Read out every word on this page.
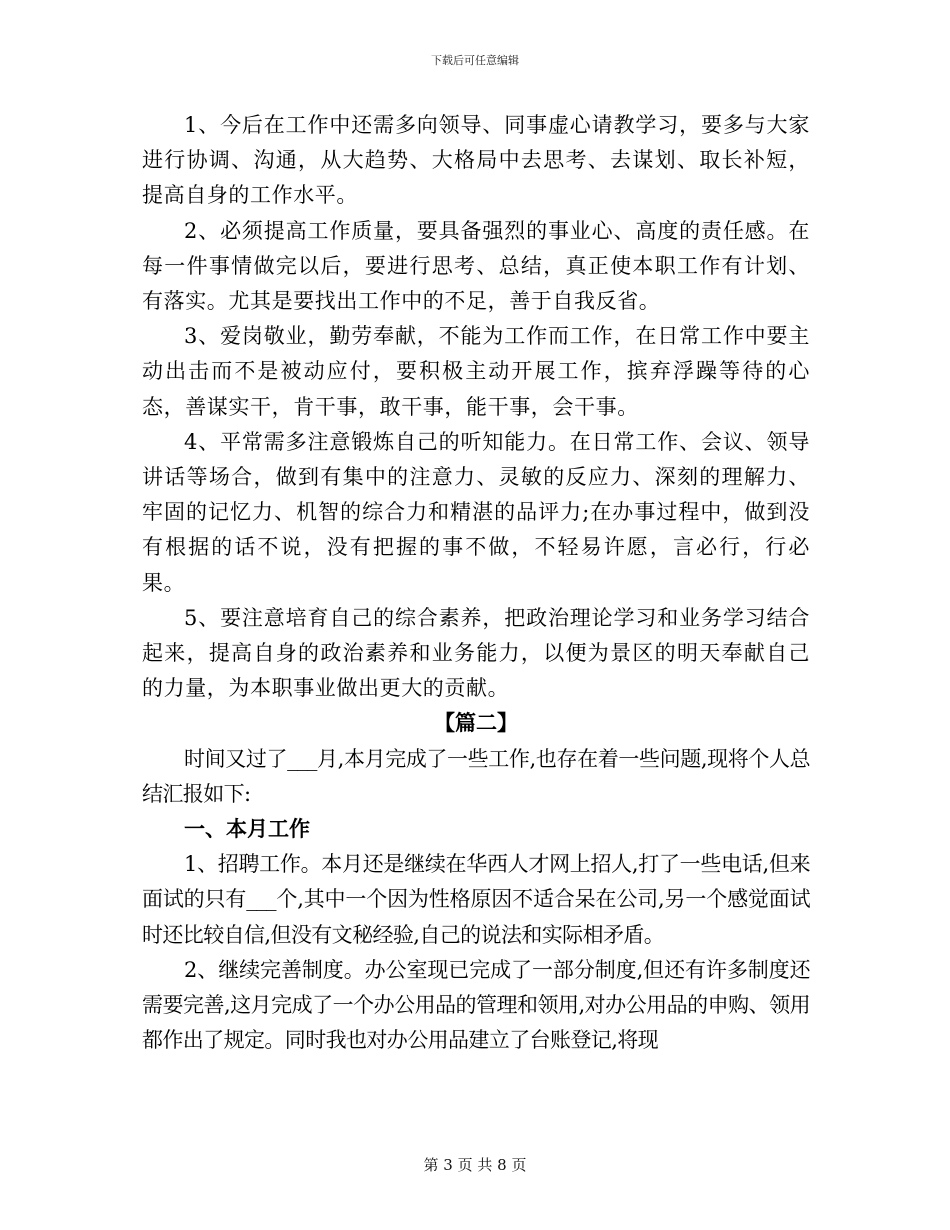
下载后可任意编辑

1、今后在工作中还需多向领导、同事虚心请教学习，要多与大家进行协调、沟通，从大趋势、大格局中去思考、去谋划、取长补短，提高自身的工作水平。

2、必须提高工作质量，要具备强烈的事业心、高度的责任感。在每一件事情做完以后，要进行思考、总结，真正使本职工作有计划、有落实。尤其是要找出工作中的不足，善于自我反省。

3、爱岗敬业，勤劳奉献，不能为工作而工作，在日常工作中要主动出击而不是被动应付，要积极主动开展工作，摈弃浮躁等待的心态，善谋实干，肯干事，敢干事，能干事，会干事。

4、平常需多注意锻炼自己的听知能力。在日常工作、会议、领导讲话等场合，做到有集中的注意力、灵敏的反应力、深刻的理解力、牢固的记忆力、机智的综合力和精湛的品评力;在办事过程中，做到没有根据的话不说，没有把握的事不做，不轻易许愿，言必行，行必果。

5、要注意培育自己的综合素养，把政治理论学习和业务学习结合起来，提高自身的政治素养和业务能力，以便为景区的明天奉献自己的力量，为本职事业做出更大的贡献。

【篇二】

时间又过了___月,本月完成了一些工作,也存在着一些问题,现将个人总结汇报如下:

一、本月工作

1、招聘工作。本月还是继续在华西人才网上招人,打了一些电话,但来面试的只有___个,其中一个因为性格原因不适合呆在公司,另一个感觉面试时还比较自信,但没有文秘经验,自己的说法和实际相矛盾。

2、继续完善制度。办公室现已完成了一部分制度,但还有许多制度还需要完善,这月完成了一个办公用品的管理和领用,对办公用品的申购、领用都作出了规定。同时我也对办公用品建立了台账登记,将现

第 3 页 共 8 页
